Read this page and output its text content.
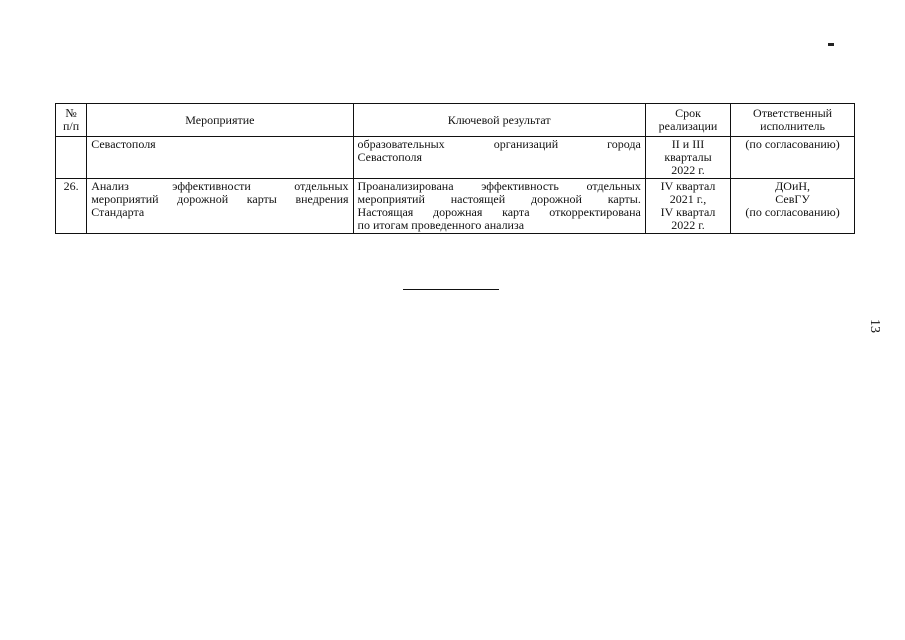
№
п/п	Мероприятие	Ключевой результат	Срок
реализации	Ответственный
исполнитель

	Севастополя	образовательных организаций города
Севастополя	II и III
кварталы
2022 г.	(по согласованию)

26.	Анализ эффективности отдельных
мероприятий дорожной карты внедрения
Стандарта	Проанализирована эффективность отдельных
мероприятий настоящей дорожной карты.
Настоящая дорожная карта откорректирована
по итогам проведенного анализа	IV квартал
2021 г.,
IV квартал
2022 г.	ДОиН,
СевГУ
(по согласованию)
13
